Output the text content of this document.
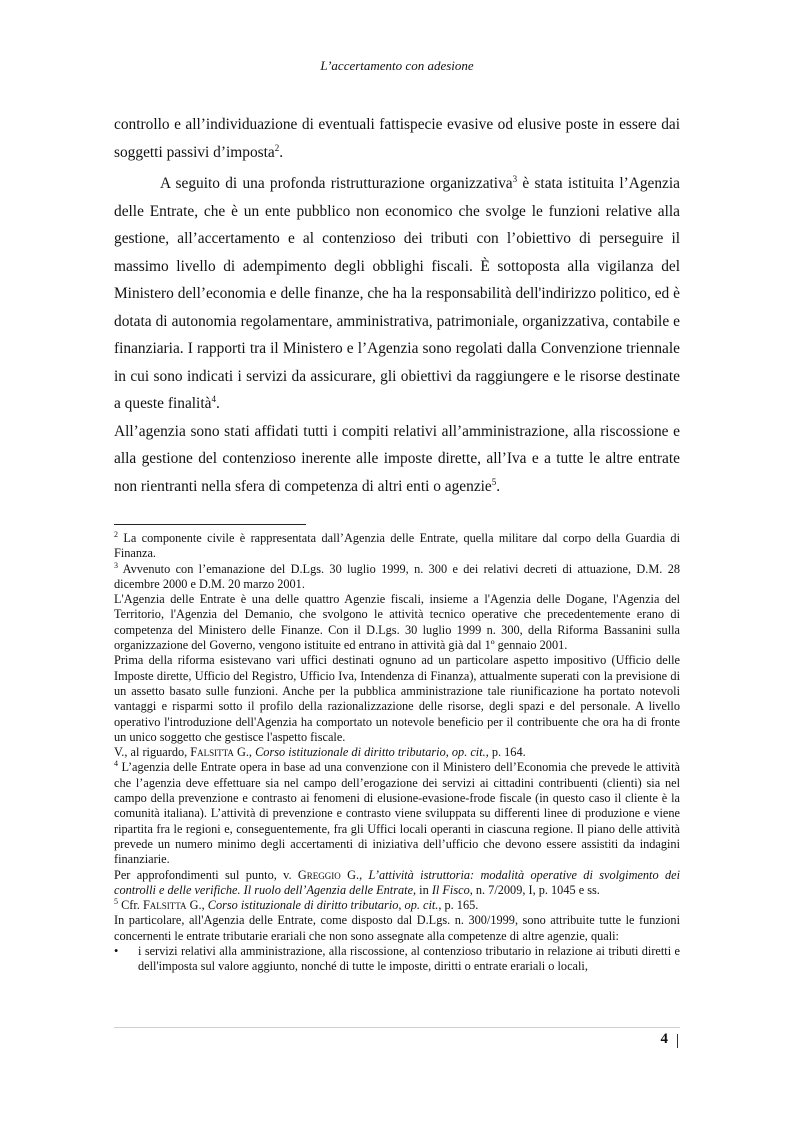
L’accertamento con adesione

controllo e all’individuazione di eventuali fattispecie evasive od elusive poste in essere dai soggetti passivi d’imposta$^2$.

A seguito di una profonda ristrutturazione organizzativa$^3$ è stata istituita l’Agenzia delle Entrate, che è un ente pubblico non economico che svolge le funzioni relative alla gestione, all’accertamento e al contenzioso dei tributi con l’obiettivo di perseguire il massimo livello di adempimento degli obblighi fiscali. È sottoposta alla vigilanza del Ministero dell’economia e delle finanze, che ha la responsabilità dell'indirizzo politico, ed è dotata di autonomia regolamentare, amministrativa, patrimoniale, organizzativa, contabile e finanziaria. I rapporti tra il Ministero e l’Agenzia sono regolati dalla Convenzione triennale in cui sono indicati i servizi da assicurare, gli obiettivi da raggiungere e le risorse destinate a queste finalità$^4$.

All’agenzia sono stati affidati tutti i compiti relativi all’amministrazione, alla riscossione e alla gestione del contenzioso inerente alle imposte dirette, all’Iva e a tutte le altre entrate non rientranti nella sfera di competenza di altri enti o agenzie$^5$.

$^2$ La componente civile è rappresentata dall’Agenzia delle Entrate, quella militare dal corpo della Guardia di Finanza.

$^3$ Avvenuto con l’emanazione del D.Lgs. 30 luglio 1999, n. 300 e dei relativi decreti di attuazione, D.M. 28 dicembre 2000 e D.M. 20 marzo 2001.

L'Agenzia delle Entrate è una delle quattro Agenzie fiscali, insieme a l'Agenzia delle Dogane, l'Agenzia del Territorio, l'Agenzia del Demanio, che svolgono le attività tecnico operative che precedentemente erano di competenza del Ministero delle Finanze. Con il D.Lgs. 30 luglio 1999 n. 300, della Riforma Bassanini sulla organizzazione del Governo, vengono istituite ed entrano in attività già dal 1º gennaio 2001.

Prima della riforma esistevano vari uffici destinati ognuno ad un particolare aspetto impositivo (Ufficio delle Imposte dirette, Ufficio del Registro, Ufficio Iva, Intendenza di Finanza), attualmente superati con la previsione di un assetto basato sulle funzioni. Anche per la pubblica amministrazione tale riunificazione ha portato notevoli vantaggi e risparmi sotto il profilo della razionalizzazione delle risorse, degli spazi e del personale. A livello operativo l'introduzione dell'Agenzia ha comportato un notevole beneficio per il contribuente che ora ha di fronte un unico soggetto che gestisce l'aspetto fiscale.

V., al riguardo, Falsitta G., Corso istituzionale di diritto tributario, op. cit., p. 164.

$^4$ L’agenzia delle Entrate opera in base ad una convenzione con il Ministero dell’Economia che prevede le attività che l’agenzia deve effettuare sia nel campo dell’erogazione dei servizi ai cittadini contribuenti (clienti) sia nel campo della prevenzione e contrasto ai fenomeni di elusione-evasione-frode fiscale (in questo caso il cliente è la comunità italiana). L’attività di prevenzione e contrasto viene sviluppata su differenti linee di produzione e viene ripartita fra le regioni e, conseguentemente, fra gli Uffici locali operanti in ciascuna regione. Il piano delle attività prevede un numero minimo degli accertamenti di iniziativa dell’ufficio che devono essere assistiti da indagini finanziarie.

Per approfondimenti sul punto, v. Greggio G., L’attività istruttoria: modalità operative di svolgimento dei controlli e delle verifiche. Il ruolo dell’Agenzia delle Entrate, in Il Fisco, n. 7/2009, I, p. 1045 e ss.

$^5$ Cfr. Falsitta G., Corso istituzionale di diritto tributario, op. cit., p. 165.

In particolare, all'Agenzia delle Entrate, come disposto dal D.Lgs. n. 300/1999, sono attribuite tutte le funzioni concernenti le entrate tributarie erariali che non sono assegnate alla competenze di altre agenzie, quali:

• i servizi relativi alla amministrazione, alla riscossione, al contenzioso tributario in relazione ai tributi diretti e dell'imposta sul valore aggiunto, nonché di tutte le imposte, diritti o entrate erariali o locali,
4
